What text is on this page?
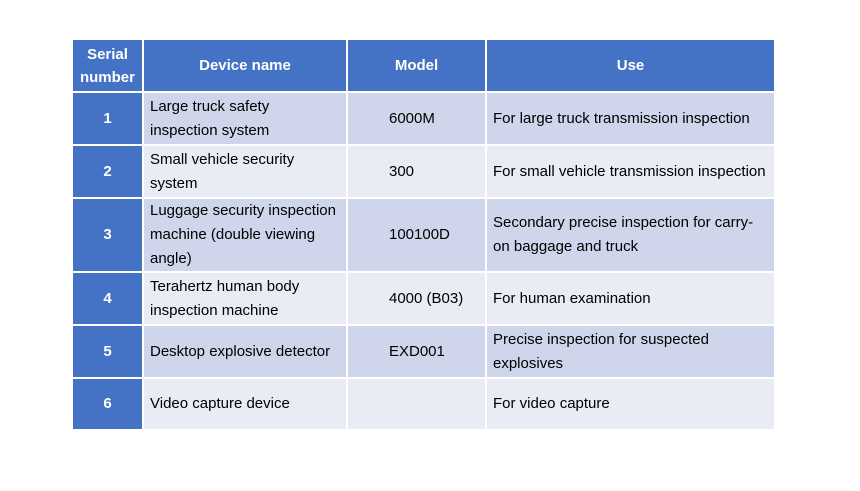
Serial number	Device name	Model	Use
1	Large truck safety inspection system	6000M	For large truck transmission inspection
2	Small vehicle security system	300	For small vehicle transmission inspection
3	Luggage security inspection machine (double viewing angle)	100100D	Secondary precise inspection for carry-on baggage and truck
4	Terahertz human body inspection machine	4000 (B03)	For human examination
5	Desktop explosive detector	EXD001	Precise inspection for suspected explosives
6	Video capture device		For video capture
